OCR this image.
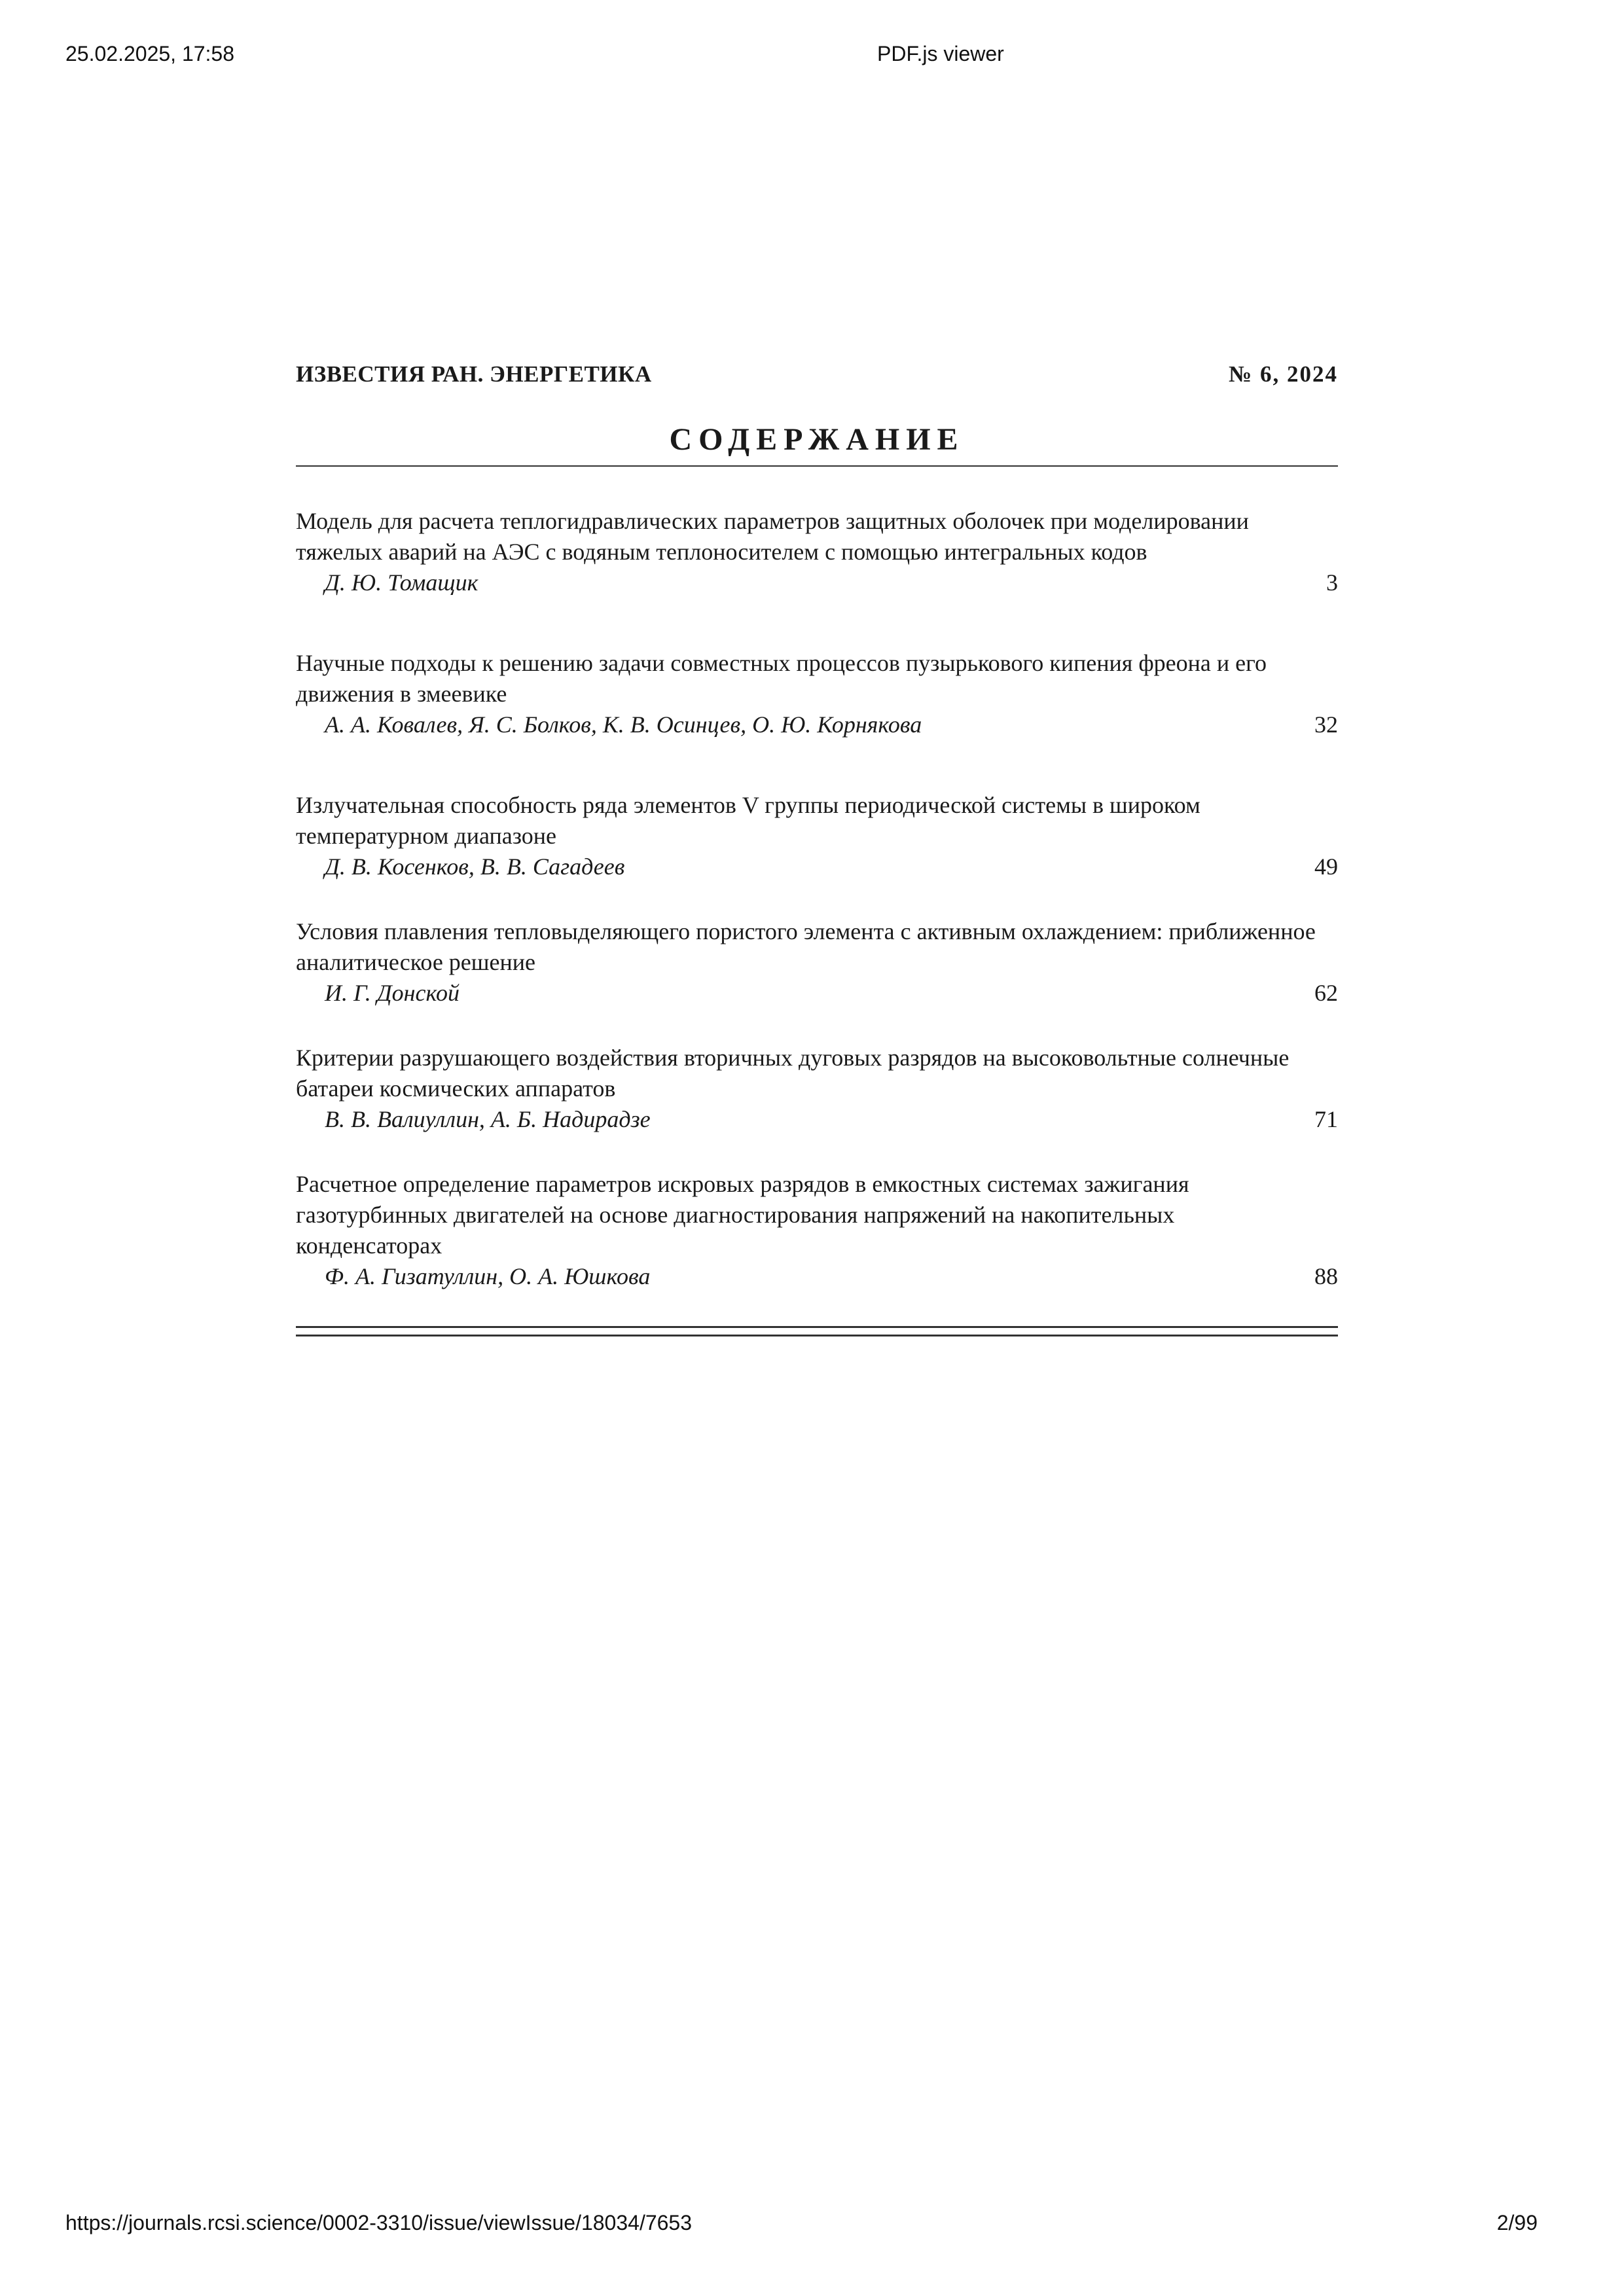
25.02.2025, 17:58	PDF.js viewer
ИЗВЕСТИЯ РАН. ЭНЕРГЕТИКА	№ 6, 2024
СОДЕРЖАНИЕ
Модель для расчета теплогидравлических параметров защитных оболочек при моделировании тяжелых аварий на АЭС с водяным теплоносителем с помощью интегральных кодов
Д. Ю. Томащик	3
Научные подходы к решению задачи совместных процессов пузырькового кипения фреона и его движения в змеевике
А. А. Ковалев, Я. С. Болков, К. В. Осинцев, О. Ю. Корнякова	32
Излучательная способность ряда элементов V группы периодической системы в широком температурном диапазоне
Д. В. Косенков, В. В. Сагадеев	49
Условия плавления тепловыделяющего пористого элемента с активным охлаждением: приближенное аналитическое решение
И. Г. Донской	62
Критерии разрушающего воздействия вторичных дуговых разрядов на высоковольтные солнечные батареи космических аппаратов
В. В. Валиуллин, А. Б. Надирадзе	71
Расчетное определение параметров искровых разрядов в емкостных системах зажигания газотурбинных двигателей на основе диагностирования напряжений на накопительных конденсаторах
Ф. А. Гизатуллин, О. А. Юшкова	88
https://journals.rcsi.science/0002-3310/issue/viewIssue/18034/7653	2/99
